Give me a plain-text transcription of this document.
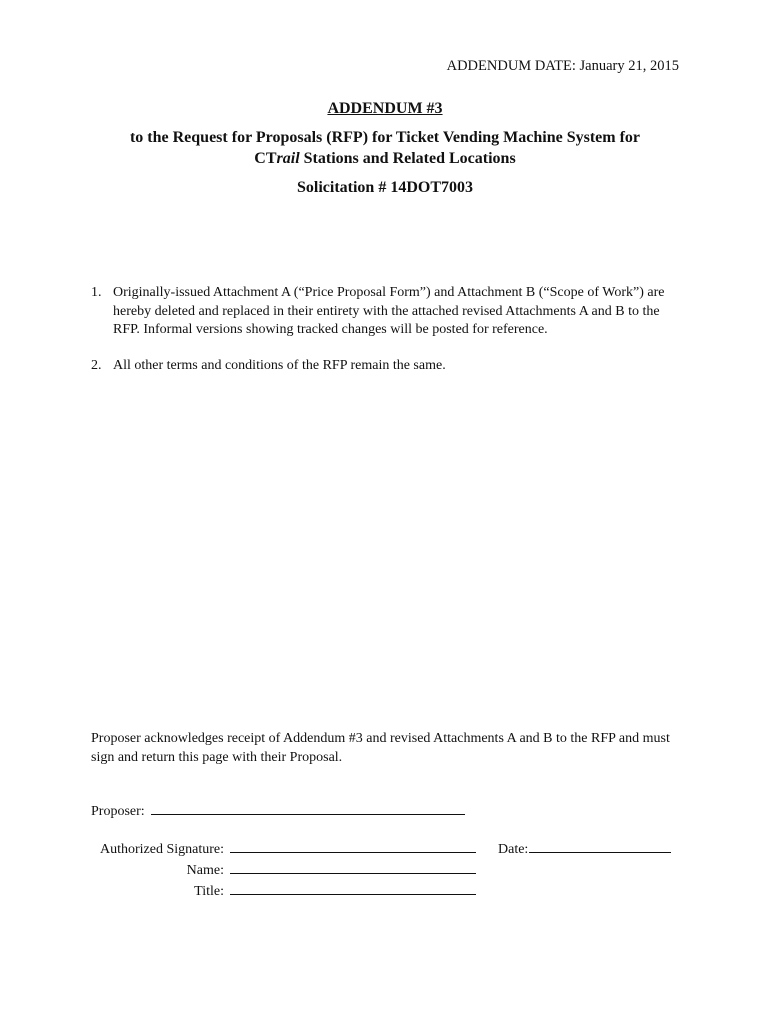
ADDENDUM DATE: January 21, 2015
ADDENDUM #3
to the Request for Proposals (RFP) for Ticket Vending Machine System for
CTrail Stations and Related Locations
Solicitation # 14DOT7003
1. Originally-issued Attachment A (“Price Proposal Form”) and Attachment B (“Scope of Work”) are hereby deleted and replaced in their entirety with the attached revised Attachments A and B to the RFP. Informal versions showing tracked changes will be posted for reference.
2. All other terms and conditions of the RFP remain the same.
Proposer acknowledges receipt of Addendum #3 and revised Attachments A and B to the RFP and must sign and return this page with their Proposal.
Proposer:
Authorized Signature:	Date:
Name:
Title:
